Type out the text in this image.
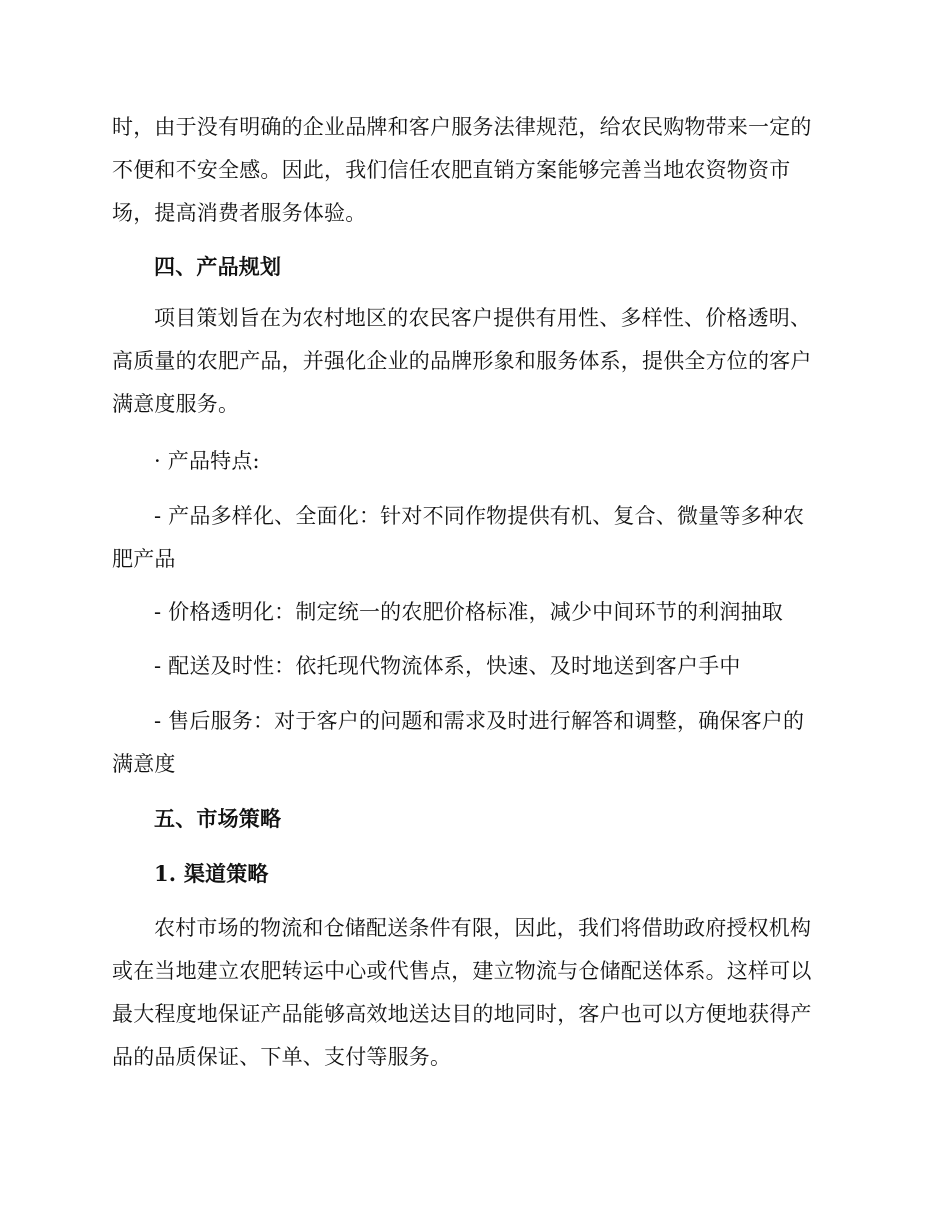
时，由于没有明确的企业品牌和客户服务法律规范，给农民购物带来一定的
不便和不安全感。因此，我们信任农肥直销方案能够完善当地农资物资市
场，提高消费者服务体验。

四、产品规划

项目策划旨在为农村地区的农民客户提供有用性、多样性、价格透明、
高质量的农肥产品，并强化企业的品牌形象和服务体系，提供全方位的客户
满意度服务。

· 产品特点:

- 产品多样化、全面化：针对不同作物提供有机、复合、微量等多种农
肥产品

- 价格透明化：制定统一的农肥价格标准，减少中间环节的利润抽取

- 配送及时性：依托现代物流体系，快速、及时地送到客户手中

- 售后服务：对于客户的问题和需求及时进行解答和调整，确保客户的
满意度

五、市场策略

1. 渠道策略

农村市场的物流和仓储配送条件有限，因此，我们将借助政府授权机构
或在当地建立农肥转运中心或代售点，建立物流与仓储配送体系。这样可以
最大程度地保证产品能够高效地送达目的地同时，客户也可以方便地获得产
品的品质保证、下单、支付等服务。
